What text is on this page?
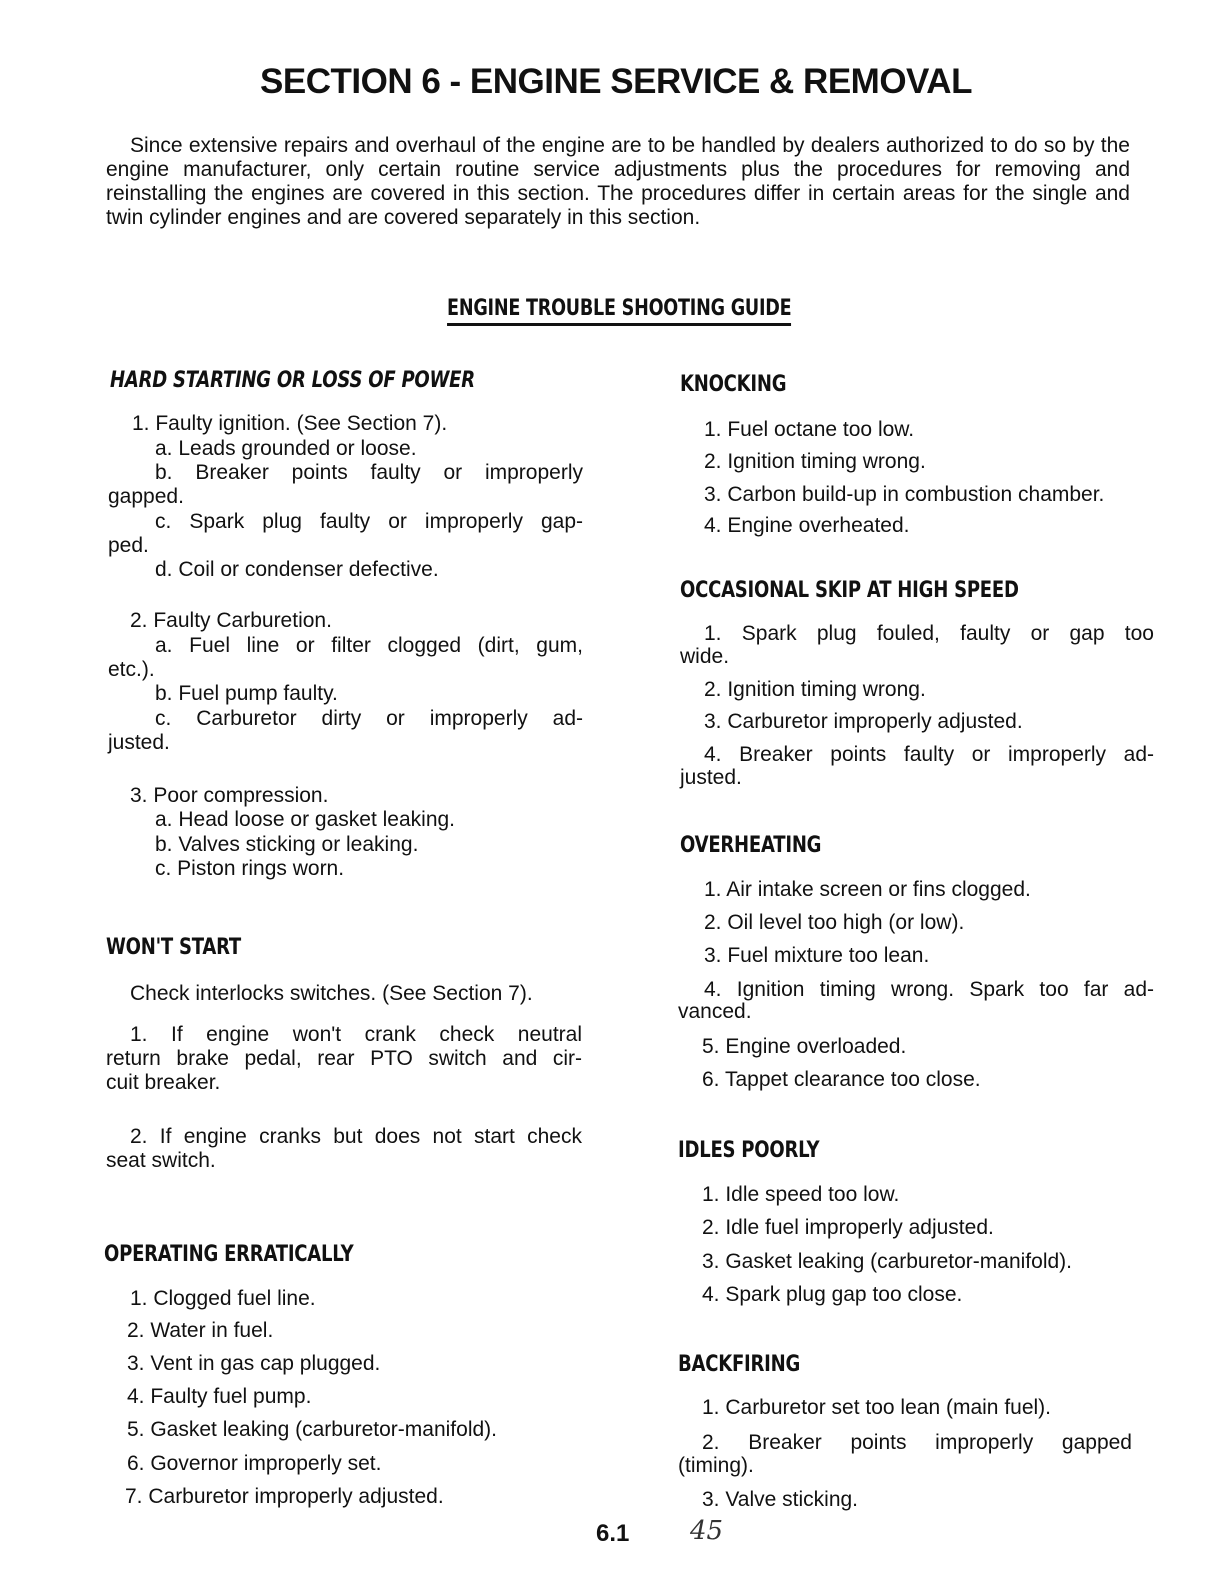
SECTION 6 - ENGINE SERVICE & REMOVAL

Since extensive repairs and overhaul of the engine are to be handled by dealers authorized to do so by the engine manufacturer, only certain routine service adjustments plus the procedures for removing and reinstalling the engines are covered in this section. The procedures differ in certain areas for the single and twin cylinder engines and are covered separately in this section.

ENGINE TROUBLE SHOOTING GUIDE
HARD STARTING OR LOSS OF POWER
1. Faulty ignition. (See Section 7).
a. Leads grounded or loose.
b. Breaker points faulty or improperly
gapped.
c. Spark plug faulty or improperly gap-
ped.
d. Coil or condenser defective.
2. Faulty Carburetion.
a. Fuel line or filter clogged (dirt, gum,
etc.).
b. Fuel pump faulty.
c. Carburetor dirty or improperly ad-
justed.
3. Poor compression.
a. Head loose or gasket leaking.
b. Valves sticking or leaking.
c. Piston rings worn.
WON'T START
Check interlocks switches. (See Section 7).
1. If engine won't crank check neutral
return brake pedal, rear PTO switch and cir-
cuit breaker.
2. If engine cranks but does not start check
seat switch.
OPERATING ERRATICALLY
1. Clogged fuel line.
2. Water in fuel.
3. Vent in gas cap plugged.
4. Faulty fuel pump.
5. Gasket leaking (carburetor-manifold).
6. Governor improperly set.
7. Carburetor improperly adjusted.
KNOCKING
1. Fuel octane too low.
2. Ignition timing wrong.
3. Carbon build-up in combustion chamber.
4. Engine overheated.
OCCASIONAL SKIP AT HIGH SPEED
1. Spark plug fouled, faulty or gap too
wide.
2. Ignition timing wrong.
3. Carburetor improperly adjusted.
4. Breaker points faulty or improperly ad-
justed.
OVERHEATING
1. Air intake screen or fins clogged.
2. Oil level too high (or low).
3. Fuel mixture too lean.
4. Ignition timing wrong. Spark too far ad-
vanced.
5. Engine overloaded.
6. Tappet clearance too close.
IDLES POORLY
1. Idle speed too low.
2. Idle fuel improperly adjusted.
3. Gasket leaking (carburetor-manifold).
4. Spark plug gap too close.
BACKFIRING
1. Carburetor set too lean (main fuel).
2. Breaker points improperly gapped
(timing).
3. Valve sticking.
6.1 45
